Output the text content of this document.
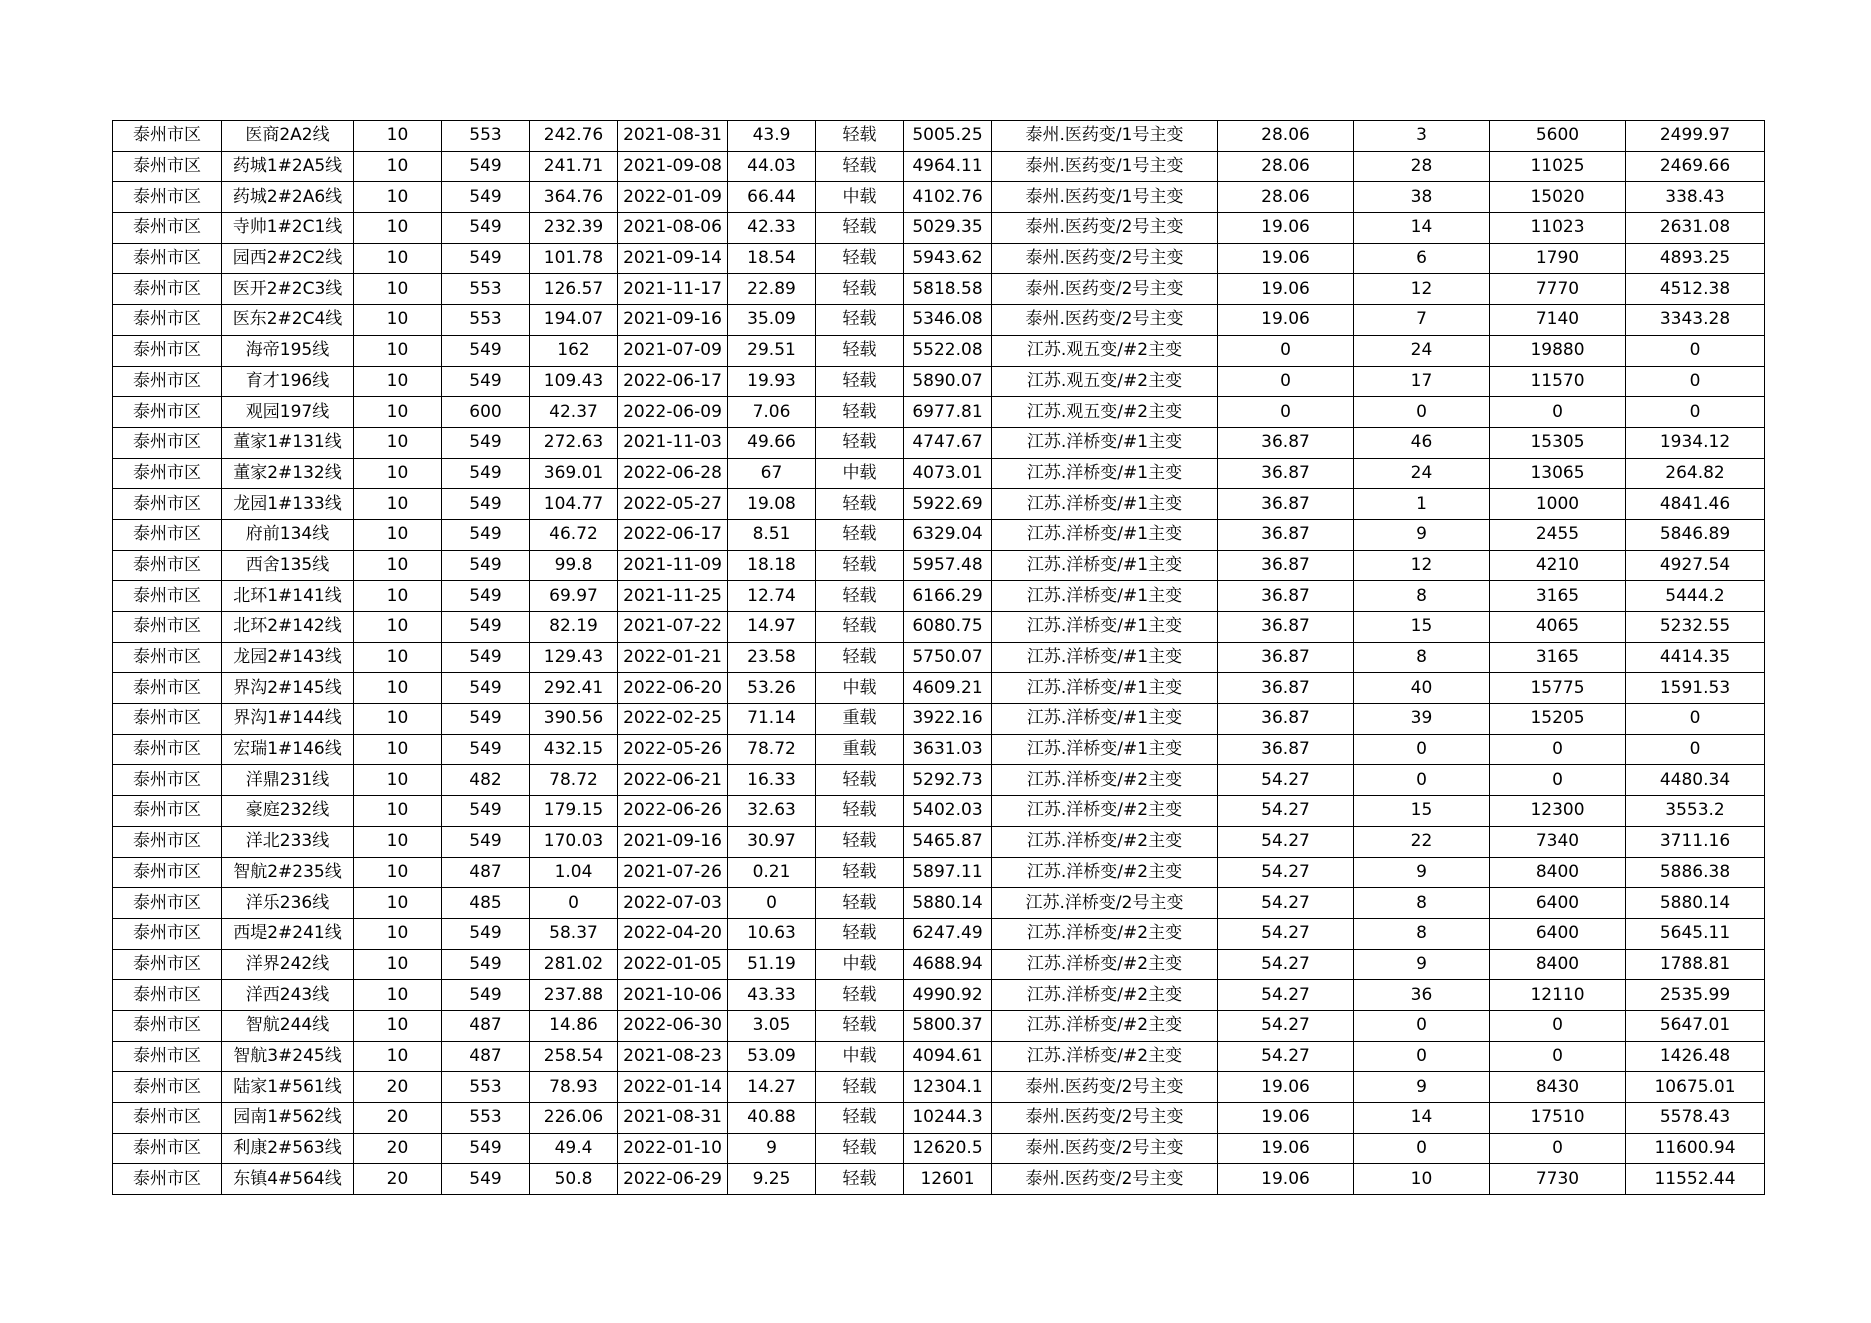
泰州市区	医商2A2线	10	553	242.76	2021-08-31	43.9	轻载	5005.25	泰州.医药变/1号主变	28.06	3	5600	2499.97
泰州市区	药城1#2A5线	10	549	241.71	2021-09-08	44.03	轻载	4964.11	泰州.医药变/1号主变	28.06	28	11025	2469.66
泰州市区	药城2#2A6线	10	549	364.76	2022-01-09	66.44	中载	4102.76	泰州.医药变/1号主变	28.06	38	15020	338.43
泰州市区	寺帅1#2C1线	10	549	232.39	2021-08-06	42.33	轻载	5029.35	泰州.医药变/2号主变	19.06	14	11023	2631.08
泰州市区	园西2#2C2线	10	549	101.78	2021-09-14	18.54	轻载	5943.62	泰州.医药变/2号主变	19.06	6	1790	4893.25
泰州市区	医开2#2C3线	10	553	126.57	2021-11-17	22.89	轻载	5818.58	泰州.医药变/2号主变	19.06	12	7770	4512.38
泰州市区	医东2#2C4线	10	553	194.07	2021-09-16	35.09	轻载	5346.08	泰州.医药变/2号主变	19.06	7	7140	3343.28
泰州市区	海帝195线	10	549	162	2021-07-09	29.51	轻载	5522.08	江苏.观五变/#2主变	0	24	19880	0
泰州市区	育才196线	10	549	109.43	2022-06-17	19.93	轻载	5890.07	江苏.观五变/#2主变	0	17	11570	0
泰州市区	观园197线	10	600	42.37	2022-06-09	7.06	轻载	6977.81	江苏.观五变/#2主变	0	0	0	0
泰州市区	董家1#131线	10	549	272.63	2021-11-03	49.66	轻载	4747.67	江苏.洋桥变/#1主变	36.87	46	15305	1934.12
泰州市区	董家2#132线	10	549	369.01	2022-06-28	67	中载	4073.01	江苏.洋桥变/#1主变	36.87	24	13065	264.82
泰州市区	龙园1#133线	10	549	104.77	2022-05-27	19.08	轻载	5922.69	江苏.洋桥变/#1主变	36.87	1	1000	4841.46
泰州市区	府前134线	10	549	46.72	2022-06-17	8.51	轻载	6329.04	江苏.洋桥变/#1主变	36.87	9	2455	5846.89
泰州市区	西舍135线	10	549	99.8	2021-11-09	18.18	轻载	5957.48	江苏.洋桥变/#1主变	36.87	12	4210	4927.54
泰州市区	北环1#141线	10	549	69.97	2021-11-25	12.74	轻载	6166.29	江苏.洋桥变/#1主变	36.87	8	3165	5444.2
泰州市区	北环2#142线	10	549	82.19	2021-07-22	14.97	轻载	6080.75	江苏.洋桥变/#1主变	36.87	15	4065	5232.55
泰州市区	龙园2#143线	10	549	129.43	2022-01-21	23.58	轻载	5750.07	江苏.洋桥变/#1主变	36.87	8	3165	4414.35
泰州市区	界沟2#145线	10	549	292.41	2022-06-20	53.26	中载	4609.21	江苏.洋桥变/#1主变	36.87	40	15775	1591.53
泰州市区	界沟1#144线	10	549	390.56	2022-02-25	71.14	重载	3922.16	江苏.洋桥变/#1主变	36.87	39	15205	0
泰州市区	宏瑞1#146线	10	549	432.15	2022-05-26	78.72	重载	3631.03	江苏.洋桥变/#1主变	36.87	0	0	0
泰州市区	洋鼎231线	10	482	78.72	2022-06-21	16.33	轻载	5292.73	江苏.洋桥变/#2主变	54.27	0	0	4480.34
泰州市区	豪庭232线	10	549	179.15	2022-06-26	32.63	轻载	5402.03	江苏.洋桥变/#2主变	54.27	15	12300	3553.2
泰州市区	洋北233线	10	549	170.03	2021-09-16	30.97	轻载	5465.87	江苏.洋桥变/#2主变	54.27	22	7340	3711.16
泰州市区	智航2#235线	10	487	1.04	2021-07-26	0.21	轻载	5897.11	江苏.洋桥变/#2主变	54.27	9	8400	5886.38
泰州市区	洋乐236线	10	485	0	2022-07-03	0	轻载	5880.14	江苏.洋桥变/2号主变	54.27	8	6400	5880.14
泰州市区	西堤2#241线	10	549	58.37	2022-04-20	10.63	轻载	6247.49	江苏.洋桥变/#2主变	54.27	8	6400	5645.11
泰州市区	洋界242线	10	549	281.02	2022-01-05	51.19	中载	4688.94	江苏.洋桥变/#2主变	54.27	9	8400	1788.81
泰州市区	洋西243线	10	549	237.88	2021-10-06	43.33	轻载	4990.92	江苏.洋桥变/#2主变	54.27	36	12110	2535.99
泰州市区	智航244线	10	487	14.86	2022-06-30	3.05	轻载	5800.37	江苏.洋桥变/#2主变	54.27	0	0	5647.01
泰州市区	智航3#245线	10	487	258.54	2021-08-23	53.09	中载	4094.61	江苏.洋桥变/#2主变	54.27	0	0	1426.48
泰州市区	陆家1#561线	20	553	78.93	2022-01-14	14.27	轻载	12304.1	泰州.医药变/2号主变	19.06	9	8430	10675.01
泰州市区	园南1#562线	20	553	226.06	2021-08-31	40.88	轻载	10244.3	泰州.医药变/2号主变	19.06	14	17510	5578.43
泰州市区	利康2#563线	20	549	49.4	2022-01-10	9	轻载	12620.5	泰州.医药变/2号主变	19.06	0	0	11600.94
泰州市区	东镇4#564线	20	549	50.8	2022-06-29	9.25	轻载	12601	泰州.医药变/2号主变	19.06	10	7730	11552.44
